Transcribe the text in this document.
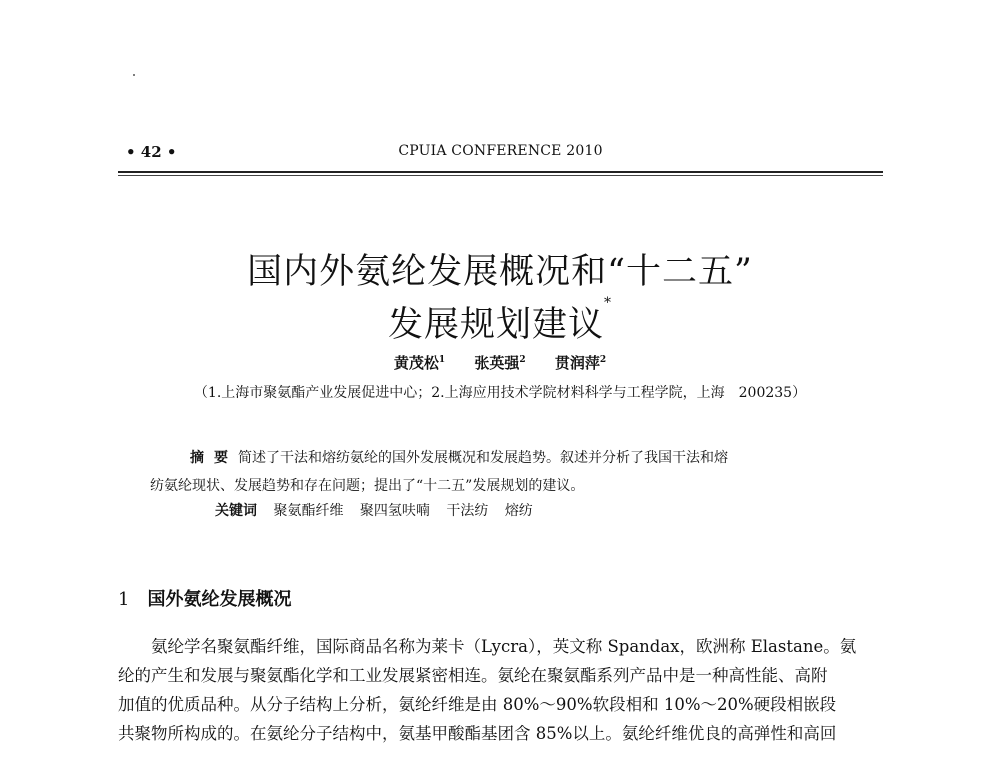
• 42 •	CPUIA CONFERENCE 2010
国内外氨纶发展概况和“十二五”
发展规划建议*
黄茂松$^1$ 张英强$^2$ 贯润萍$^2$
（1.上海市聚氨酯产业发展促进中心；2.上海应用技术学院材料科学与工程学院，上海　200235）
摘要简述了干法和熔纺氨纶的国外发展概况和发展趋势。叙述并分析了我国干法和熔
纺氨纶现状、发展趋势和存在问题；提出了“十二五”发展规划的建议。
关键词 聚氨酯纤维 聚四氢呋喃 干法纺 熔纺
1 国外氨纶发展概况

氨纶学名聚氨酯纤维，国际商品名称为莱卡（Lycra），英文称 Spandax，欧洲称 Elastane。氨

纶的产生和发展与聚氨酯化学和工业发展紧密相连。氨纶在聚氨酯系列产品中是一种高性能、高附

加值的优质品种。从分子结构上分析，氨纶纤维是由 80%～90%软段相和 10%～20%硬段相嵌段

共聚物所构成的。在氨纶分子结构中，氨基甲酸酯基团含 85%以上。氨纶纤维优良的高弹性和高回
